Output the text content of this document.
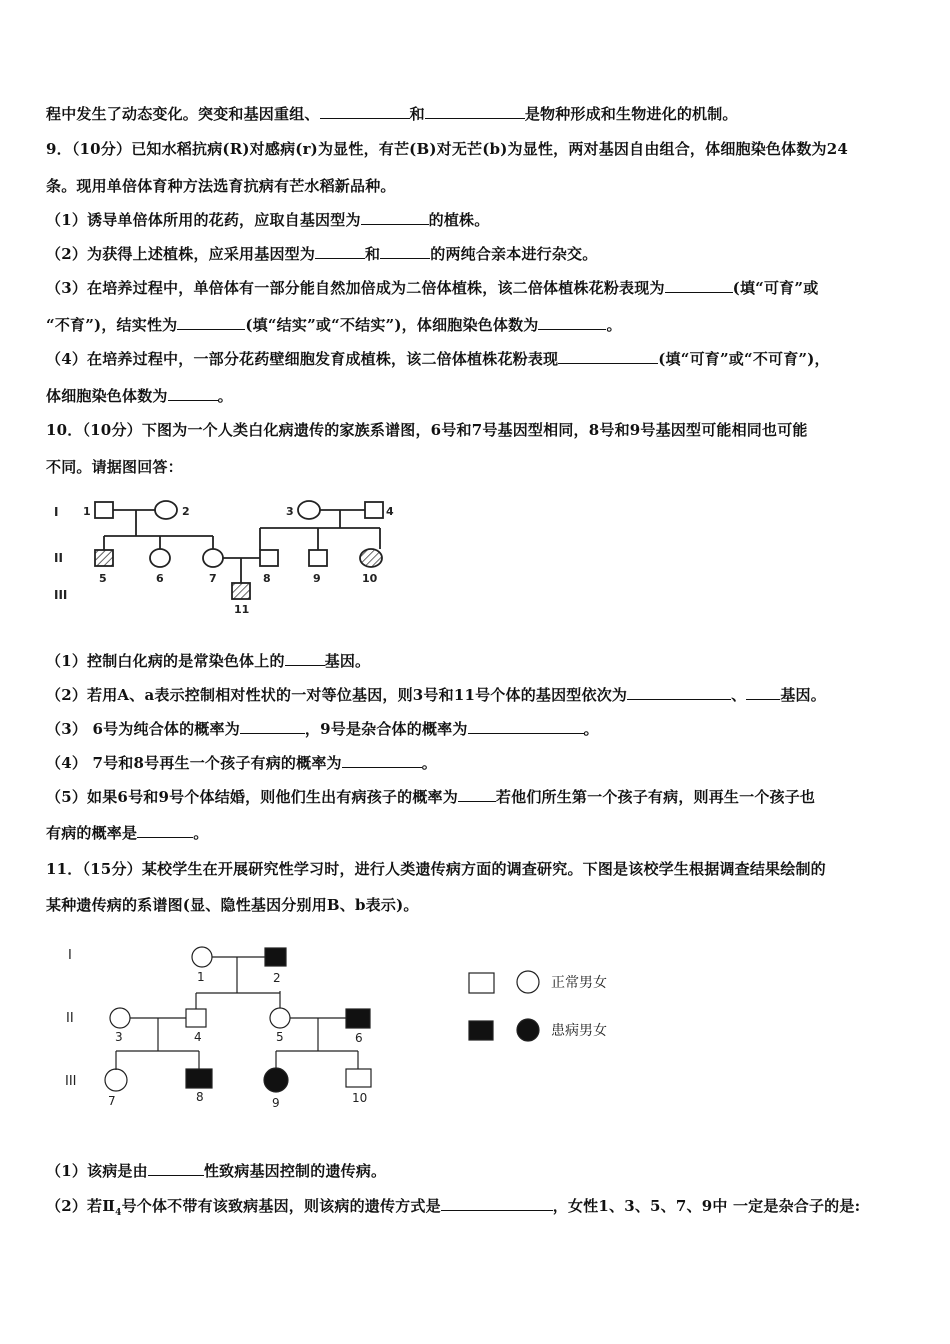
程中发生了动态变化。突变和基因重组、	和	是物种形成和生物进化的机制。
9．（10分）已知水稻抗病(R)对感病(r)为显性，有芒(B)对无芒(b)为显性，两对基因自由组合，体细胞染色体数为24
条。现用单倍体育种方法选育抗病有芒水稻新品种。
（1）诱导单倍体所用的花药，应取自基因型为	的植株。
（2）为获得上述植株，应采用基因型为	和	的两纯合亲本进行杂交。
（3）在培养过程中，单倍体有一部分能自然加倍成为二倍体植株，该二倍体植株花粉表现为	(填“可育”或
“不育”)，结实性为	(填“结实”或“不结实”)，体细胞染色体数为	。
（4）在培养过程中，一部分花药壁细胞发育成植株，该二倍体植株花粉表现	(填“可育”或“不可育”)，
体细胞染色体数为	。
10．（10分）下图为一个人类白化病遗传的家族系谱图，6号和7号基因型相同，8号和9号基因型可能相同也可能
不同。请据图回答：
I
II
III
1	2	3	4
5	6	7	8	9	10
11
（1）控制白化病的是常染色体上的	基因。
（2）若用A、a表示控制相对性状的一对等位基因，则3号和11号个体的基因型依次为	、 基因。
（3） 6号为纯合体的概率为	，9号是杂合体的概率为	。
（4） 7号和8号再生一个孩子有病的概率为	。
（5）如果6号和9号个体结婚，则他们生出有病孩子的概率为	若他们所生第一个孩子有病，则再生一个孩子也
有病的概率是	。
11．（15分）某校学生在开展研究性学习时，进行人类遗传病方面的调查研究。下图是该校学生根据调查结果绘制的
某种遗传病的系谱图(显、隐性基因分别用B、b表示)。
I
II
III
1	2
3	4	5	6
7	8	9	10
正常男女
患病男女
（1）该病是由	性致病基因控制的遗传病。
（2）若$Ⅱ_4$号个体不带有该致病基因，则该病的遗传方式是	，女性1、3、5、7、9中 一定是杂合子的是:
